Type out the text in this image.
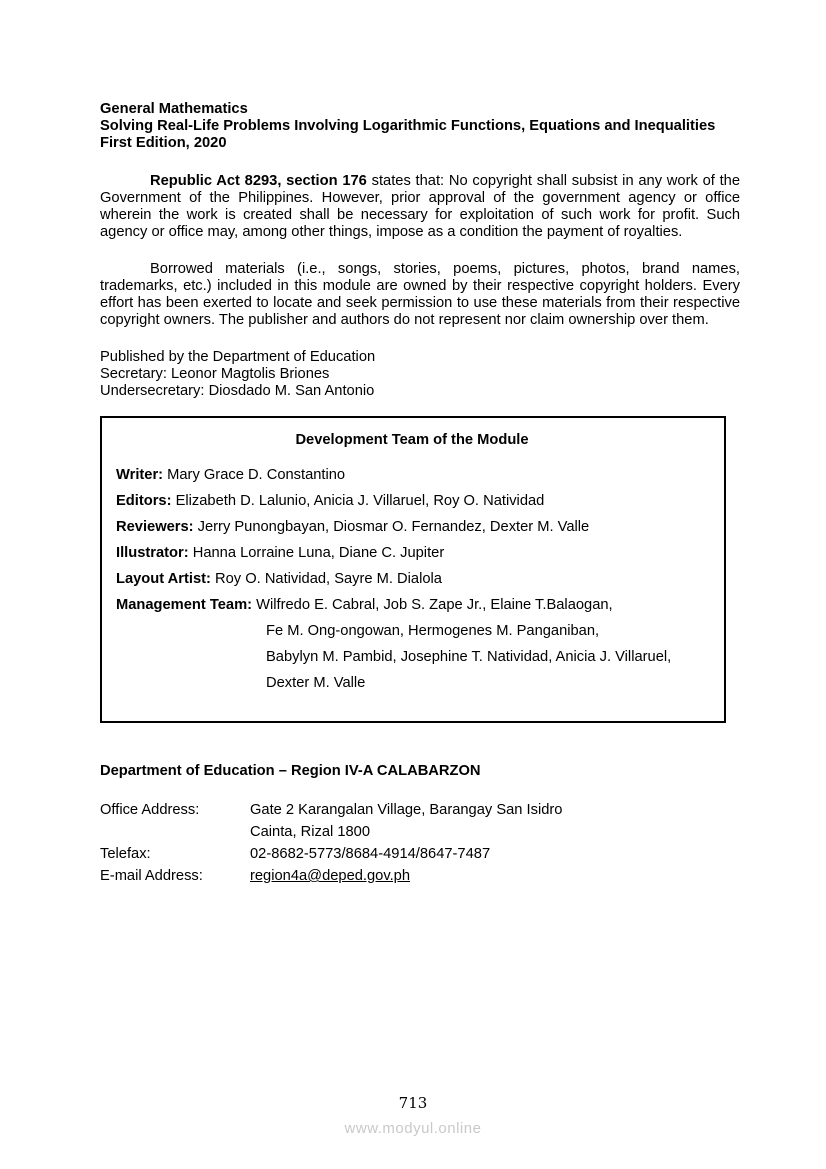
General Mathematics

Solving Real-Life Problems Involving Logarithmic Functions, Equations and Inequalities

First Edition, 2020

Republic Act 8293, section 176 states that: No copyright shall subsist in any work of the Government of the Philippines. However, prior approval of the government agency or office wherein the work is created shall be necessary for exploitation of such work for profit. Such agency or office may, among other things, impose as a condition the payment of royalties.

Borrowed materials (i.e., songs, stories, poems, pictures, photos, brand names, trademarks, etc.) included in this module are owned by their respective copyright holders. Every effort has been exerted to locate and seek permission to use these materials from their respective copyright owners. The publisher and authors do not represent nor claim ownership over them.

Published by the Department of Education

Secretary: Leonor Magtolis Briones

Undersecretary: Diosdado M. San Antonio

Development Team of the Module

Writer: Mary Grace D. Constantino

Editors: Elizabeth D. Lalunio, Anicia J. Villaruel, Roy O. Natividad

Reviewers: Jerry Punongbayan, Diosmar O. Fernandez, Dexter M. Valle

Illustrator: Hanna Lorraine Luna, Diane C. Jupiter

Layout Artist: Roy O. Natividad, Sayre M. Dialola

Management Team: Wilfredo E. Cabral, Job S. Zape Jr., Elaine T.Balaogan,

Fe M. Ong-ongowan, Hermogenes M. Panganiban,

Babylyn M. Pambid, Josephine T. Natividad, Anicia J. Villaruel,

Dexter M. Valle

Department of Education – Region IV-A CALABARZON

Office Address:	Gate 2 Karangalan Village, Barangay San Isidro
Cainta, Rizal 1800
Telefax:	02-8682-5773/8684-4914/8647-7487
E-mail Address:	region4a@deped.gov.ph
713
www.modyul.online
